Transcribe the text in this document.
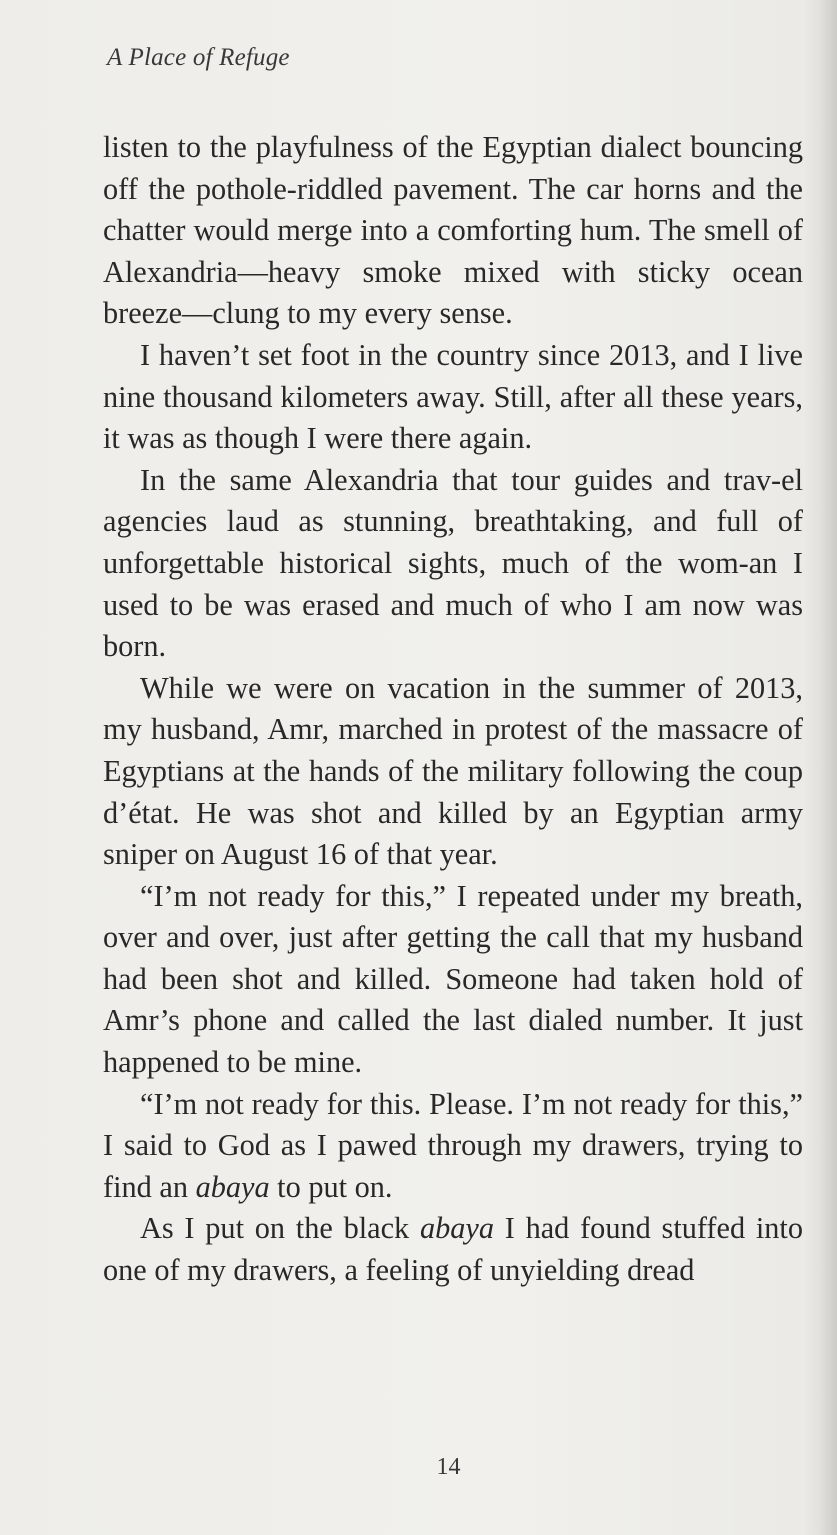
A Place of Refuge

listen to the playfulness of the Egyptian dialect bouncing off the pothole-riddled pavement. The car horns and the chatter would merge into a comforting hum. The smell of Alexandria—heavy smoke mixed with sticky ocean breeze—clung to my every sense.

I haven’t set foot in the country since 2013, and I live nine thousand kilometers away. Still, after all these years, it was as though I were there again.

In the same Alexandria that tour guides and trav-el agencies laud as stunning, breathtaking, and full of unforgettable historical sights, much of the wom-an I used to be was erased and much of who I am now was born.

While we were on vacation in the summer of 2013, my husband, Amr, marched in protest of the massacre of Egyptians at the hands of the military following the coup d’état. He was shot and killed by an Egyptian army sniper on August 16 of that year.

“I’m not ready for this,” I repeated under my breath, over and over, just after getting the call that my husband had been shot and killed. Someone had taken hold of Amr’s phone and called the last dialed number. It just happened to be mine.

“I’m not ready for this. Please. I’m not ready for this,” I said to God as I pawed through my drawers, trying to find an abaya to put on.

As I put on the black abaya I had found stuffed into one of my drawers, a feeling of unyielding dread

14
